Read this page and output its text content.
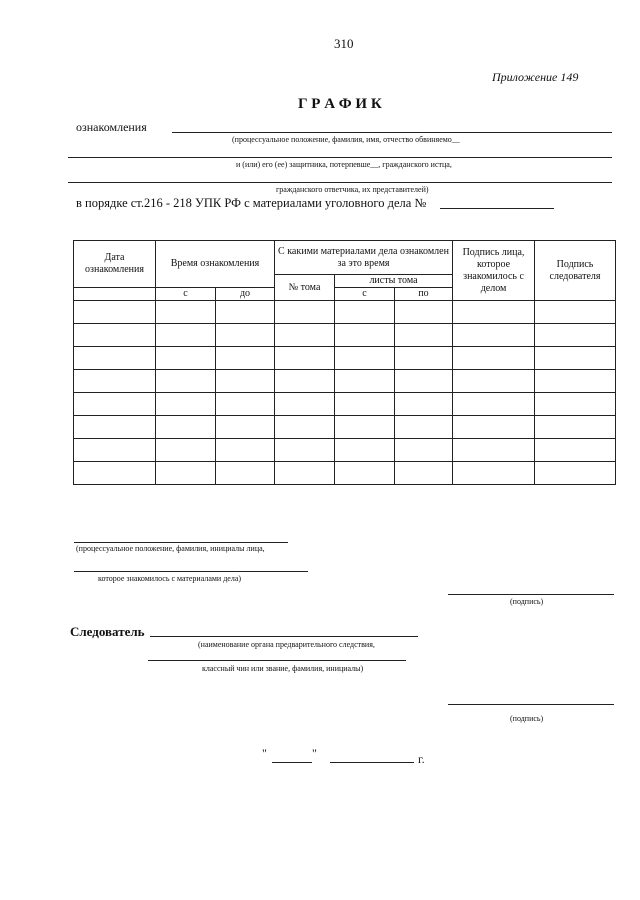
310
Приложение 149
Г Р А Ф И К
ознакомления
(процессуальное положение, фамилия, имя, отчество обвиняемо__
и (или) его (ее) защитника, потерпевше__, гражданского истца,
гражданского ответчика, их представителей)
в порядке ст.216 - 218 УПК РФ с материалами уголовного дела №
Дата ознакомления	Время ознакомления		С какими материалами дела ознакомлен за это время			Подпись лица, которое знакомилось с делом	Подпись следователя
			№ тома	листы тома			
	с	до		с	по		

(процессуальное положение, фамилия, инициалы лица,
которое знакомилось с материалами дела)
(подпись)
Следователь
(наименование органа предварительного следствия,
классный чин или звание, фамилия, инициалы)
(подпись)
"	"	г.
